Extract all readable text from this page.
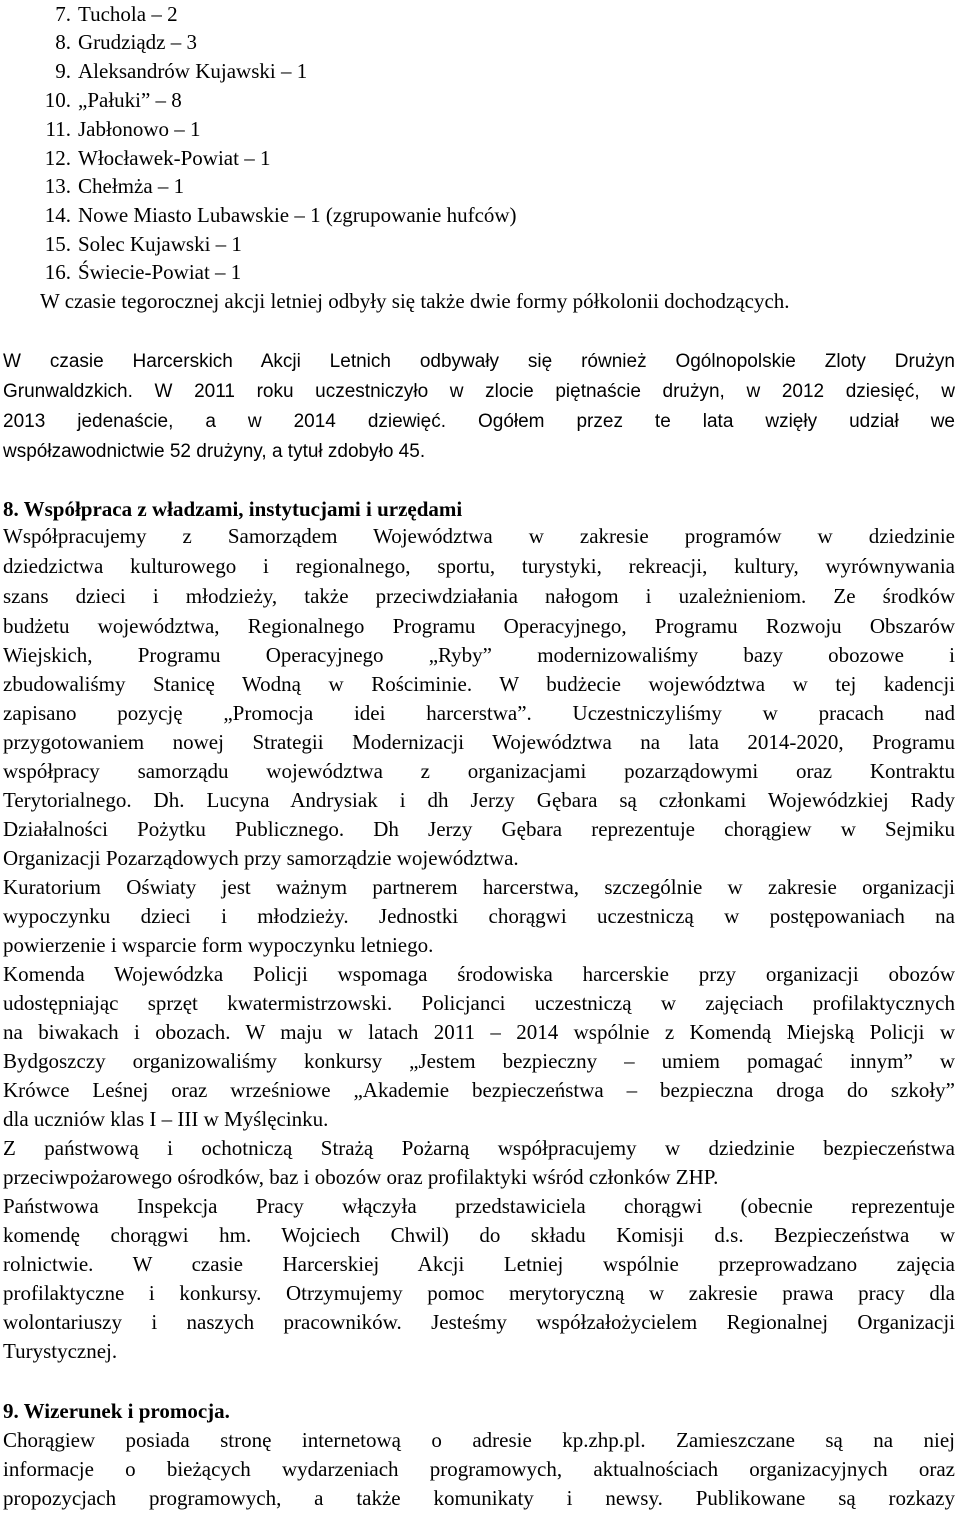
7. Tuchola – 2
8. Grudziądz – 3
9. Aleksandrów Kujawski – 1
10. „Pałuki” – 8
11. Jabłonowo – 1
12. Włocławek-Powiat – 1
13. Chełmża – 1
14. Nowe Miasto Lubawskie – 1 (zgrupowanie hufców)
15. Solec Kujawski – 1
16. Świecie-Powiat – 1
W czasie tegorocznej akcji letniej odbyły się także dwie formy półkolonii dochodzących.
W czasie Harcerskich Akcji Letnich odbywały się również Ogólnopolskie Zloty Drużyn
Grunwaldzkich. W 2011 roku uczestniczyło w zlocie piętnaście drużyn, w 2012 dziesięć, w
2013 jedenaście, a w 2014 dziewięć. Ogółem przez te lata wzięły udział we
współzawodnictwie 52 drużyny, a tytuł zdobyło 45.
8. Współpraca z władzami, instytucjami i urzędami
Współpracujemy z Samorządem Województwa w zakresie programów w dziedzinie
dziedzictwa kulturowego i regionalnego, sportu, turystyki, rekreacji, kultury, wyrównywania
szans dzieci i młodzieży, także przeciwdziałania nałogom i uzależnieniom. Ze środków
budżetu województwa, Regionalnego Programu Operacyjnego, Programu Rozwoju Obszarów
Wiejskich, Programu Operacyjnego „Ryby” modernizowaliśmy bazy obozowe i
zbudowaliśmy Stanicę Wodną w Rościminie. W budżecie województwa w tej kadencji
zapisano pozycję „Promocja idei harcerstwa”. Uczestniczyliśmy w pracach nad
przygotowaniem nowej Strategii Modernizacji Województwa na lata 2014-2020, Programu
współpracy samorządu województwa z organizacjami pozarządowymi oraz Kontraktu
Terytorialnego. Dh. Lucyna Andrysiak i dh Jerzy Gębara są członkami Wojewódzkiej Rady
Działalności Pożytku Publicznego. Dh Jerzy Gębara reprezentuje chorągiew w Sejmiku
Organizacji Pozarządowych przy samorządzie województwa.
Kuratorium Oświaty jest ważnym partnerem harcerstwa, szczególnie w zakresie organizacji
wypoczynku dzieci i młodzieży. Jednostki chorągwi uczestniczą w postępowaniach na
powierzenie i wsparcie form wypoczynku letniego.
Komenda Wojewódzka Policji wspomaga środowiska harcerskie przy organizacji obozów
udostępniając sprzęt kwatermistrzowski. Policjanci uczestniczą w zajęciach profilaktycznych
na biwakach i obozach. W maju w latach 2011 – 2014 wspólnie z Komendą Miejską Policji w
Bydgoszczy organizowaliśmy konkursy „Jestem bezpieczny – umiem pomagać innym” w
Krówce Leśnej oraz wrześniowe „Akademie bezpieczeństwa – bezpieczna droga do szkoły”
dla uczniów klas I – III w Myślęcinku.
Z państwową i ochotniczą Strażą Pożarną współpracujemy w dziedzinie bezpieczeństwa
przeciwpożarowego ośrodków, baz i obozów oraz profilaktyki wśród członków ZHP.
Państwowa Inspekcja Pracy włączyła przedstawiciela chorągwi (obecnie reprezentuje
komendę chorągwi hm. Wojciech Chwil) do składu Komisji d.s. Bezpieczeństwa w
rolnictwie. W czasie Harcerskiej Akcji Letniej wspólnie przeprowadzano zajęcia
profilaktyczne i konkursy. Otrzymujemy pomoc merytoryczną w zakresie prawa pracy dla
wolontariuszy i naszych pracowników. Jesteśmy współzałożycielem Regionalnej Organizacji
Turystycznej.
9. Wizerunek i promocja.
Chorągiew posiada stronę internetową o adresie kp.zhp.pl. Zamieszczane są na niej
informacje o bieżących wydarzeniach programowych, aktualnościach organizacyjnych oraz
propozycjach programowych, a także komunikaty i newsy. Publikowane są rozkazy
